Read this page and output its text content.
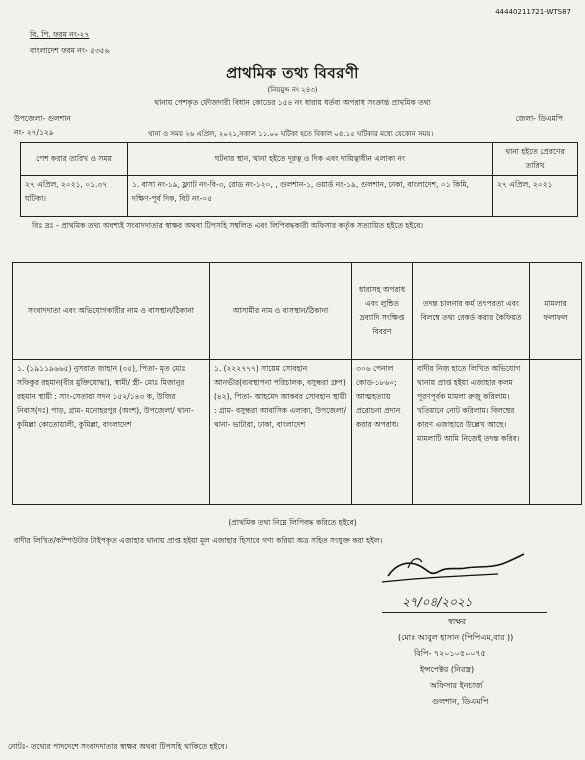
44440211721-WTS87
বি. পি. ফরম নং-২৭
বাংলাদেশ ফরম নং- ৫৩৫৬
প্রাথমিক তথ্য বিবরণী
(নিয়মুদ্দ নং ২৪৩)
থানায় পেশকৃত ফৌজদারী বিধান কোডের ১৫৪ নং ধারায় ধর্তব্য অপরাধ সংক্রান্ত প্রাথমিক তথ্য
উপজেলা- গুলশান	জেলা- ডিএমপি
নং- ২৭/১২৯	থানা ও সময় ২৬ এপ্রিল, ২০২১,সকাল ১১.০০ ঘটিকা হতে বিকাল ০৪.১৫ ঘটিকার মধ্যে যেকোন সময়।
পেশ করার তারিখ ও সময়	ঘটনার স্থান, থানা হইতে দূরত্ব ও দিক এবং দায়িত্বাধীন এলাকা নং	থানা হইতে প্রেরণের তারিখ
২৭ এপ্রিল, ২০২১, ০১.৩৭ ঘটিকা।	১. বাসা নং-১৯, ফ্ল্যাট নং-বি-৩, রোড নং-১২০, , গুলশান-১, ওয়ার্ড নং-১৯, গুলশান, ঢাকা, বাংলাদেশ, ০১ কিমি, দক্ষিণ-পূর্ব দিক, বিট নং-০৫	২৭ এপ্রিল, ২০২১
বিঃ দ্রঃ - প্রাথমিক তথ্য অবশ্যই সংবাদদাতার স্বাক্ষর অথবা টিপসহি সম্বলিত এবং লিপিবদ্ধকারী অফিসার কর্তৃক সত্যায়িত হইতে হইবে।
সংবাদদাতা এবং অভিযোগকারীর নাম ও বাসস্থান/ঠিকানা	আসামীর নাম ও বাসস্থান/ঠিকানা	ধারাসহ অপরাধ এবং লুন্ঠিত দ্রব্যাদি সংক্ষিপ্ত বিবরণ	তদন্ত চালনার কর্ম তৎপরতা এবং বিলম্বে তথ্য রেকর্ড করার কৈফিয়ত	মামলার ফলাফল
১. (১৯১১৯৬৬৫) নুসরাত জাহান (৩৫), পিতা- মৃত মোঃ সফিকুর রহমান(বীর মুক্তিযোদ্ধা), স্বামী/ স্ত্রী- মোঃ মিজানুর রহমান স্থায়ী : সাং-সেতারা সদন ১৫২/১৪৩ ক, উজির নিবাস(দঃ) পাড়, গ্রাম- মনোহরপুর (অংশ), উপজেলা/ থানা- কুমিল্লা কোতোয়ালী, কুমিল্লা, বাংলাদেশ	১. (২২২৭৭৭) সায়েম সোবহান আনভীর(ব্যবস্থাপনা পরিচালক, বসুন্ধরা গ্রুপ) (৪২), পিতা- আহমেদ আকবর সোবহান স্থায়ী : গ্রাম- বসুন্ধরা আবাসিক এলাকা, উপজেলা/থানা- ভাটারা, ঢাকা, বাংলাদেশ	৩০৬ পেনাল কোড-১৮৬০; আত্মহত্যায় প্ররোচনা প্রদান করার অপরাধ।	বাদীর নিজ হাতে লিখিত অভিযোগ থানায় প্রাপ্ত হইয়া এজাহার কলম পূরণপূর্বক মামলা রুজু করিলাম। খতিয়ানে নোট করিলাম। বিলম্বের কারণ এজাহারে উল্লেখ আছে। মামলাটি আমি নিজেই তদন্ত করিব।	
(প্রাথমিক তথ্য নিম্নে লিপিবদ্ধ করিতে হইবে)
বাদীর লিখিত/কম্পিউটার টাইপকৃত এজাহার থানায় প্রাপ্ত হইয়া মূল এজাহার হিসাবে গণ্য করিয়া অত্র সহিত সংযুক্ত করা হইল।
২৭/০৪/২০২১
স্বাক্ষর
(মোঃ আবুল হাসান (পিপিএম,বার ))
বিপি- ৭২০১০৫০০৭৫
ইন্সপেক্টর (নিরস্ত্র)
অফিসার ইনচার্জ
গুলশান, ডিএমপি
নোটঃ- তথ্যের পাদদেশে সংবাদদাতার স্বাক্ষর অথবা টিপসহি থাকিতে হইবে।
